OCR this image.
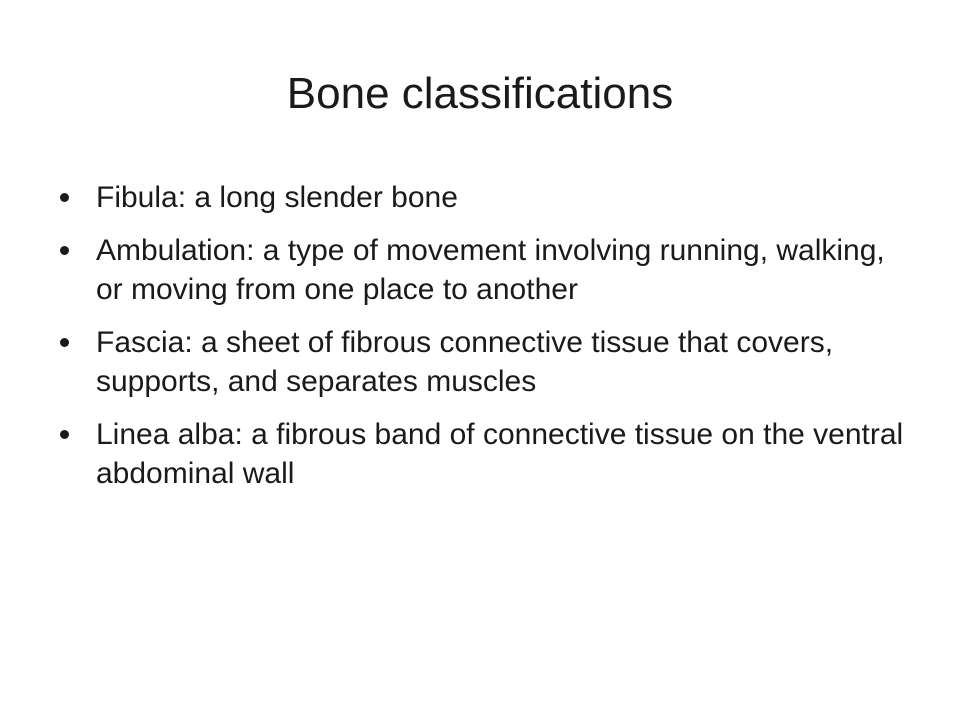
Bone classifications
Fibula: a long slender bone
Ambulation: a type of movement involving running, walking, or moving from one place to another
Fascia: a sheet of fibrous connective tissue that covers, supports, and separates muscles
Linea alba: a fibrous band of connective tissue on the ventral abdominal wall
